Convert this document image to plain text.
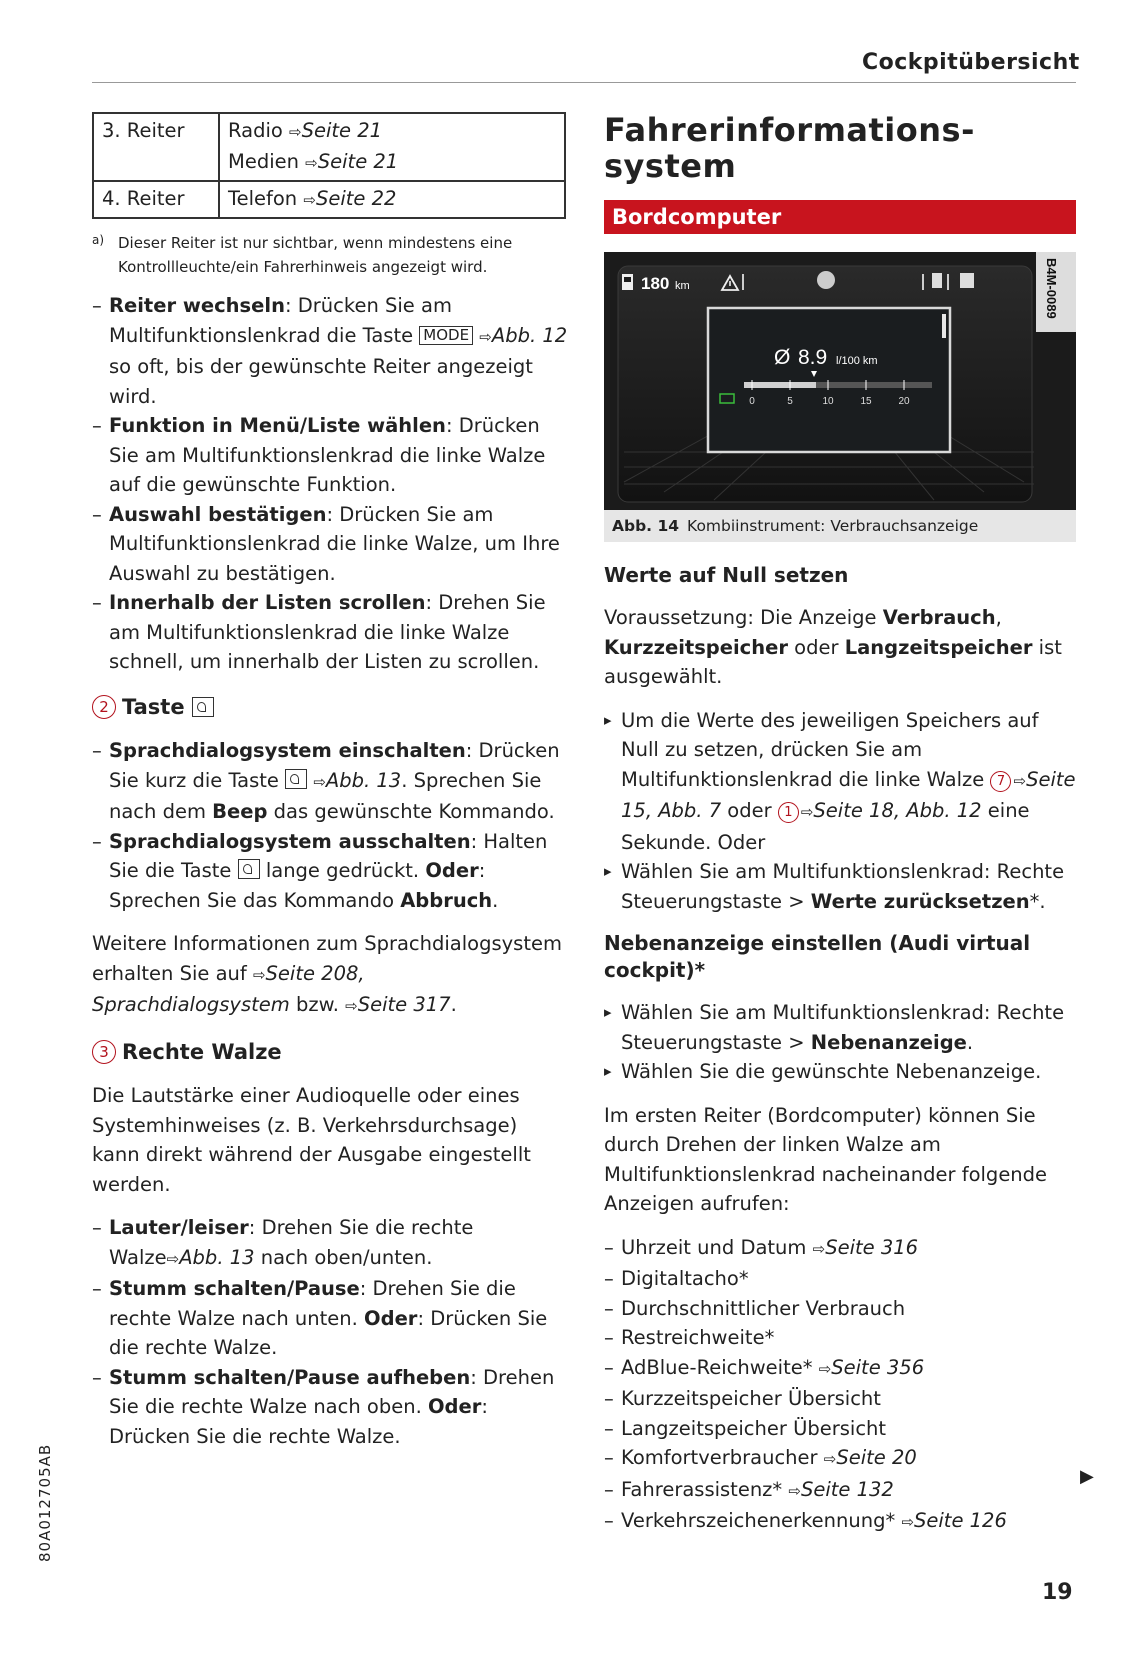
Cockpitübersicht
3. Reiter	Radio ⇨Seite 21
Medien ⇨Seite 21

4. Reiter	Telefon ⇨Seite 22
a) Dieser Reiter ist nur sichtbar, wenn mindestens eine Kontrollleuchte/ein Fahrerhinweis angezeigt wird.
– Reiter wechseln: Drücken Sie am Multifunktionslenkrad die Taste MODE ⇨Abb. 12 so oft, bis der gewünschte Reiter angezeigt wird.
– Funktion in Menü/Liste wählen: Drücken Sie am Multifunktionslenkrad die linke Walze auf die gewünschte Funktion.
– Auswahl bestätigen: Drücken Sie am Multifunktionslenkrad die linke Walze, um Ihre Auswahl zu bestätigen.
– Innerhalb der Listen scrollen: Drehen Sie am Multifunktionslenkrad die linke Walze schnell, um innerhalb der Listen zu scrollen.
2 Taste

– Sprachdialogsystem einschalten: Drücken Sie kurz die Taste  ⇨Abb. 13. Sprechen Sie nach dem Beep das gewünschte Kommando.
– Sprachdialogsystem ausschalten: Halten Sie die Taste  lange gedrückt. Oder: Sprechen Sie das Kommando Abbruch.

Weitere Informationen zum Sprachdialogsystem erhalten Sie auf ⇨Seite 208, Sprachdialogsystem bzw. ⇨Seite 317.

3 Rechte Walze

Die Lautstärke einer Audioquelle oder eines Systemhinweises (z. B. Verkehrsdurchsage) kann direkt während der Ausgabe eingestellt werden.

– Lauter/leiser: Drehen Sie die rechte Walze⇨Abb. 13 nach oben/unten.
– Stumm schalten/Pause: Drehen Sie die rechte Walze nach unten. Oder: Drücken Sie die rechte Walze.
– Stumm schalten/Pause aufheben: Drehen Sie die rechte Walze nach oben. Oder: Drücken Sie die rechte Walze.
Fahrerinformations-
system
Bordcomputer
180 km	B4M-0089
Ø 8.9 l/100 km
0	5	10	15	20
Abb. 14 Kombiinstrument: Verbrauchsanzeige
Werte auf Null setzen

Voraussetzung: Die Anzeige Verbrauch, Kurzzeitspeicher oder Langzeitspeicher ist ausgewählt.

▸ Um die Werte des jeweiligen Speichers auf Null zu setzen, drücken Sie am Multifunktionslenkrad die linke Walze 7 ⇨Seite 15, Abb. 7 oder 1 ⇨Seite 18, Abb. 12 eine Sekunde. Oder
▸ Wählen Sie am Multifunktionslenkrad: Rechte Steuerungstaste > Werte zurücksetzen*.
Nebenanzeige einstellen (Audi virtual cockpit)*
▸ Wählen Sie am Multifunktionslenkrad: Rechte Steuerungstaste > Nebenanzeige.
▸ Wählen Sie die gewünschte Nebenanzeige.

Im ersten Reiter (Bordcomputer) können Sie durch Drehen der linken Walze am Multifunktionslenkrad nacheinander folgende Anzeigen aufrufen:

– Uhrzeit und Datum ⇨Seite 316
– Digitaltacho*
– Durchschnittlicher Verbrauch
– Restreichweite*
– AdBlue-Reichweite* ⇨Seite 356
– Kurzzeitspeicher Übersicht
– Langzeitspeicher Übersicht
– Komfortverbraucher ⇨Seite 20
– Fahrerassistenz* ⇨Seite 132
– Verkehrszeichenerkennung* ⇨Seite 126
▶
80A012705AB
19
